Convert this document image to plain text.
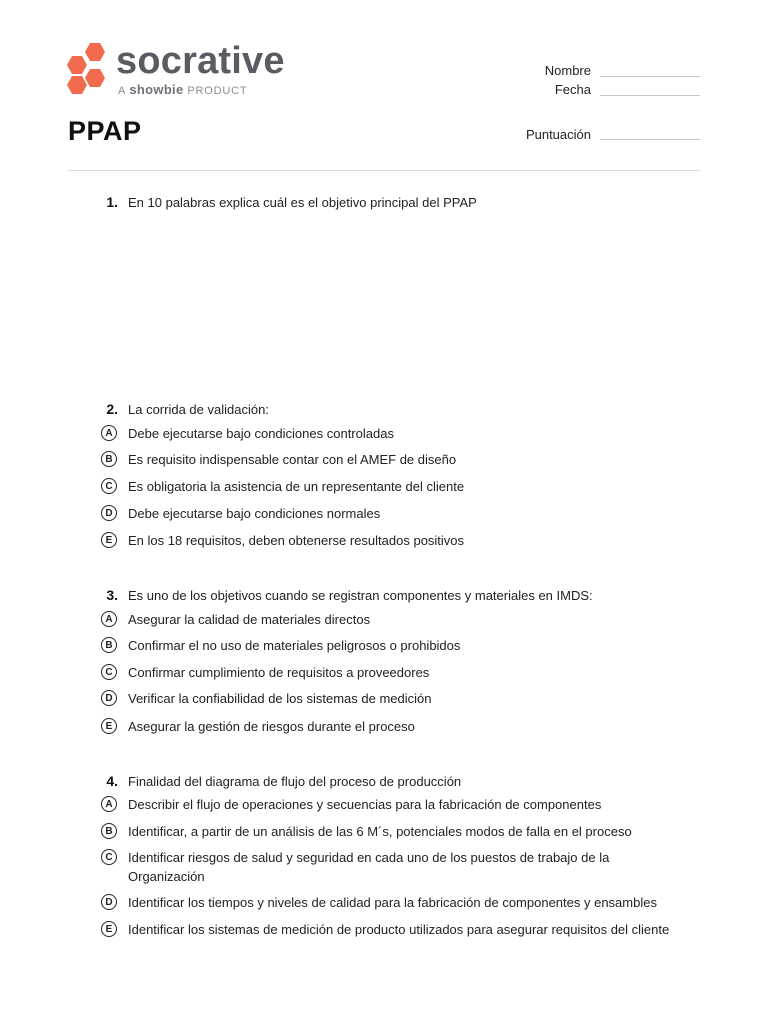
socrative
A showbie PRODUCT
Nombre
Fecha
Puntuación
PPAP
1. En 10 palabras explica cuál es el objetivo principal del PPAP
2. La corrida de validación:
A	Debe ejecutarse bajo condiciones controladas
B	Es requisito indispensable contar con el AMEF de diseño
C	Es obligatoria la asistencia de un representante del cliente
D	Debe ejecutarse bajo condiciones normales
E	En los 18 requisitos, deben obtenerse resultados positivos
3. Es uno de los objetivos cuando se registran componentes y materiales en IMDS:
A	Asegurar la calidad de materiales directos
B	Confirmar el no uso de materiales peligrosos o prohibidos
C	Confirmar cumplimiento de requisitos a proveedores
D	Verificar la confiabilidad de los sistemas de medición
E	Asegurar la gestión de riesgos durante el proceso
4. Finalidad del diagrama de flujo del proceso de producción
A	Describir el flujo de operaciones y secuencias para la fabricación de componentes
B	Identificar, a partir de un análisis de las 6 M´s, potenciales modos de falla en el proceso
C	Identificar riesgos de salud y seguridad en cada uno de los puestos de trabajo de la Organización
D	Identificar los tiempos y niveles de calidad para la fabricación de componentes y ensambles
E	Identificar los sistemas de medición de producto utilizados para asegurar requisitos del cliente
